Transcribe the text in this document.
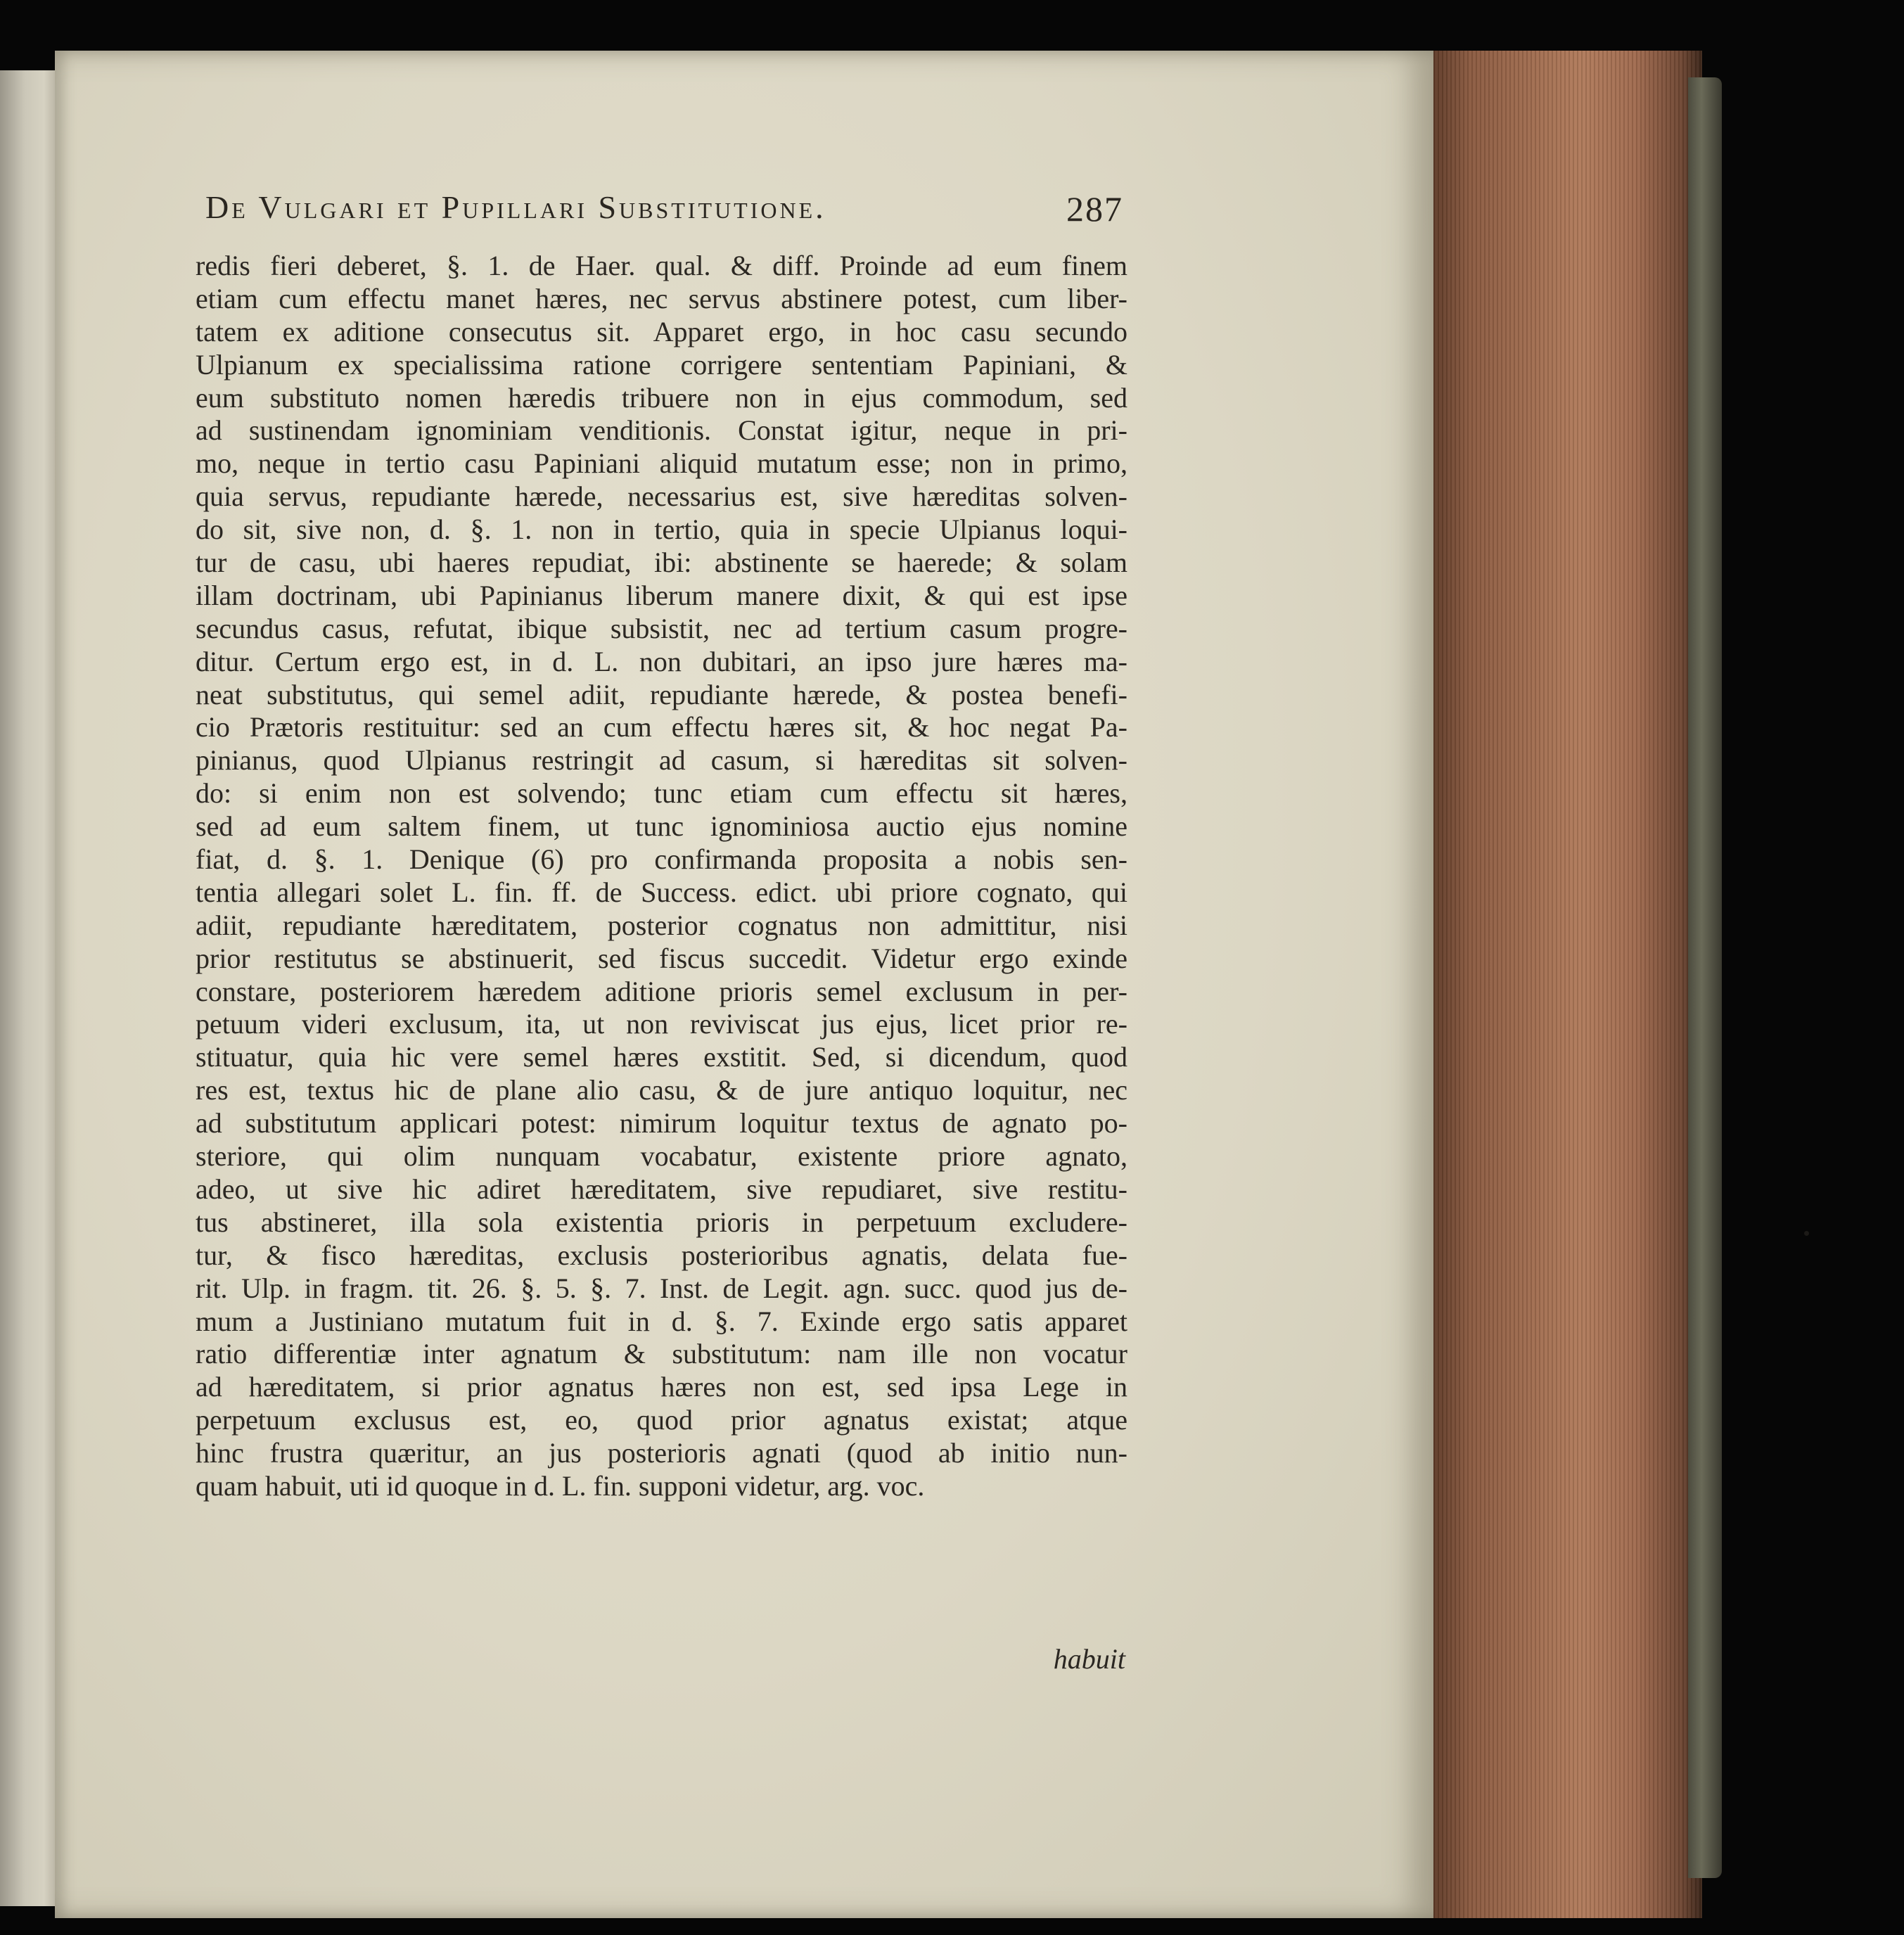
De Vulgari et Pupillari Substitutione.	287
redis fieri deberet, §. 1. de Haer. qual. & diff. Proinde ad eum finem
etiam cum effectu manet hæres, nec servus abstinere potest, cum liber-
tatem ex aditione consecutus sit. Apparet ergo, in hoc casu secundo
Ulpianum ex specialissima ratione corrigere sententiam Papiniani, &
eum substituto nomen hæredis tribuere non in ejus commodum, sed
ad sustinendam ignominiam venditionis. Constat igitur, neque in pri-
mo, neque in tertio casu Papiniani aliquid mutatum esse; non in primo,
quia servus, repudiante hærede, necessarius est, sive hæreditas solven-
do sit, sive non, d. §. 1. non in tertio, quia in specie Ulpianus loqui-
tur de casu, ubi haeres repudiat, ibi: abstinente se haerede; & solam
illam doctrinam, ubi Papinianus liberum manere dixit, & qui est ipse
secundus casus, refutat, ibique subsistit, nec ad tertium casum progre-
ditur. Certum ergo est, in d. L. non dubitari, an ipso jure hæres ma-
neat substitutus, qui semel adiit, repudiante hærede, & postea benefi-
cio Prætoris restituitur: sed an cum effectu hæres sit, & hoc negat Pa-
pinianus, quod Ulpianus restringit ad casum, si hæreditas sit solven-
do: si enim non est solvendo; tunc etiam cum effectu sit hæres,
sed ad eum saltem finem, ut tunc ignominiosa auctio ejus nomine
fiat, d. §. 1. Denique (6) pro confirmanda proposita a nobis sen-
tentia allegari solet L. fin. ff. de Success. edict. ubi priore cognato, qui
adiit, repudiante hæreditatem, posterior cognatus non admittitur, nisi
prior restitutus se abstinuerit, sed fiscus succedit. Videtur ergo exinde
constare, posteriorem hæredem aditione prioris semel exclusum in per-
petuum videri exclusum, ita, ut non reviviscat jus ejus, licet prior re-
stituatur, quia hic vere semel hæres exstitit. Sed, si dicendum, quod
res est, textus hic de plane alio casu, & de jure antiquo loquitur, nec
ad substitutum applicari potest: nimirum loquitur textus de agnato po-
steriore, qui olim nunquam vocabatur, existente priore agnato,
adeo, ut sive hic adiret hæreditatem, sive repudiaret, sive restitu-
tus abstineret, illa sola existentia prioris in perpetuum excludere-
tur, & fisco hæreditas, exclusis posterioribus agnatis, delata fue-
rit. Ulp. in fragm. tit. 26. §. 5. §. 7. Inst. de Legit. agn. succ. quod jus de-
mum a Justiniano mutatum fuit in d. §. 7. Exinde ergo satis apparet
ratio differentiæ inter agnatum & substitutum: nam ille non vocatur
ad hæreditatem, si prior agnatus hæres non est, sed ipsa Lege in
perpetuum exclusus est, eo, quod prior agnatus existat; atque
hinc frustra quæritur, an jus posterioris agnati (quod ab initio nun-
quam habuit, uti id quoque in d. L. fin. supponi videtur, arg. voc.
habuit
